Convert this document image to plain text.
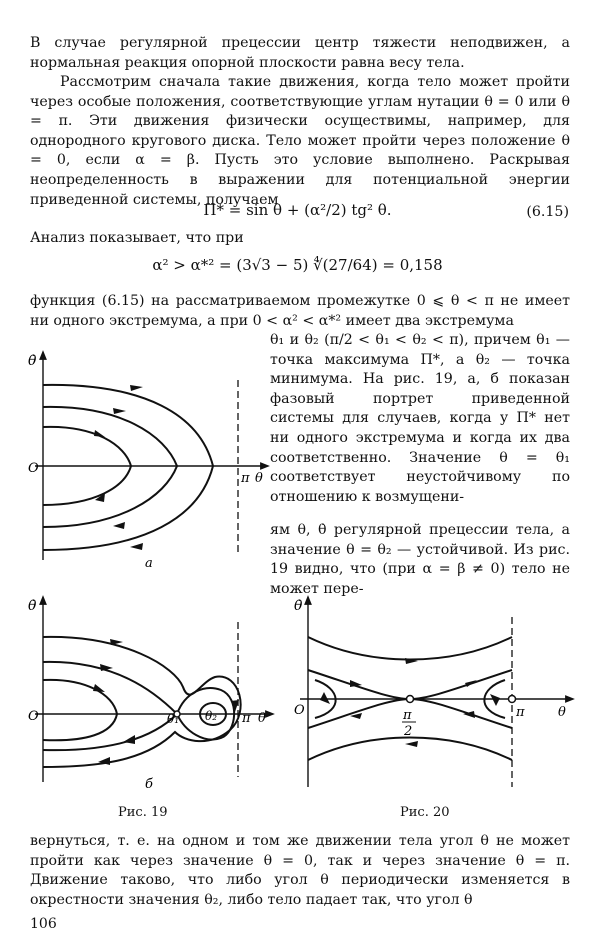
В случае регулярной прецессии центр тяжести неподвижен, а нормальная реакция опорной плоскости равна весу тела.
Рассмотрим сначала такие движения, когда тело может пройти через особые положения, соответствующие углам нутации θ = 0 или θ = π. Эти движения физически осуществимы, например, для однородного кругового диска. Тело может пройти через положение θ = 0, если α = β. Пусть это условие выполнено. Раскрывая неопределенность в выражении для потенциальной энергии приведенной системы, получаем
Π* = sin θ + (α²/2) tg² θ.	(6.15)
Анализ показывает, что при
α² > α*² = (3√3 − 5) ∜(27/64) = 0,158
функция (6.15) на рассматриваемом промежутке 0 ⩽ θ < π не имеет ни одного экстремума, а при 0 < α² < α*² имеет два экстремума
θ₁ и θ₂ (π/2 < θ₁ < θ₂ < π), причем θ₁ — точка максимума Π*, а θ₂ — точка минимума. На рис. 19, а, б показан фазовый портрет приведенной системы для случаев, когда у Π* нет ни одного экстремума и когда их два соответственно. Значение θ = θ₁ соответствует неустойчивому по отношению к возмущени-
ям θ, θ̇ регулярной прецессии тела, а значение θ = θ₂ — устойчивой. Из рис. 19 видно, что (при α = β ≠ 0) тело не может пере-
θ̇
O
π θ
а
θ̇
O	θ₁ θ₂ π θ
б
Рис. 19
θ̇
O	π
2
π	θ
Рис. 20
вернуться, т. е. на одном и том же движении тела угол θ не может пройти как через значение θ = 0, так и через значение θ = π. Движение таково, что либо угол θ периодически изменяется в окрестности значения θ₂, либо тело падает так, что угол θ
106
